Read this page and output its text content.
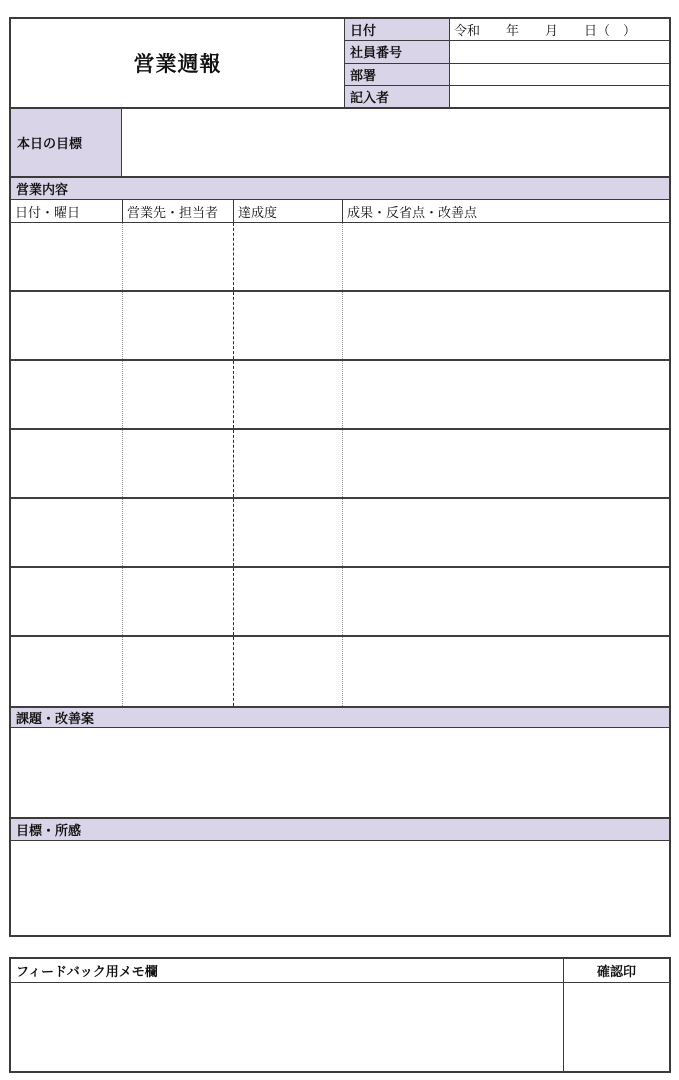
営業週報
日付	令和　　年　　月　　日（　）
社員番号
部署
記入者
本日の目標
営業内容
日付・曜日	営業先・担当者	達成度	成果・反省点・改善点
課題・改善案
目標・所感
フィードバック用メモ欄	確認印
